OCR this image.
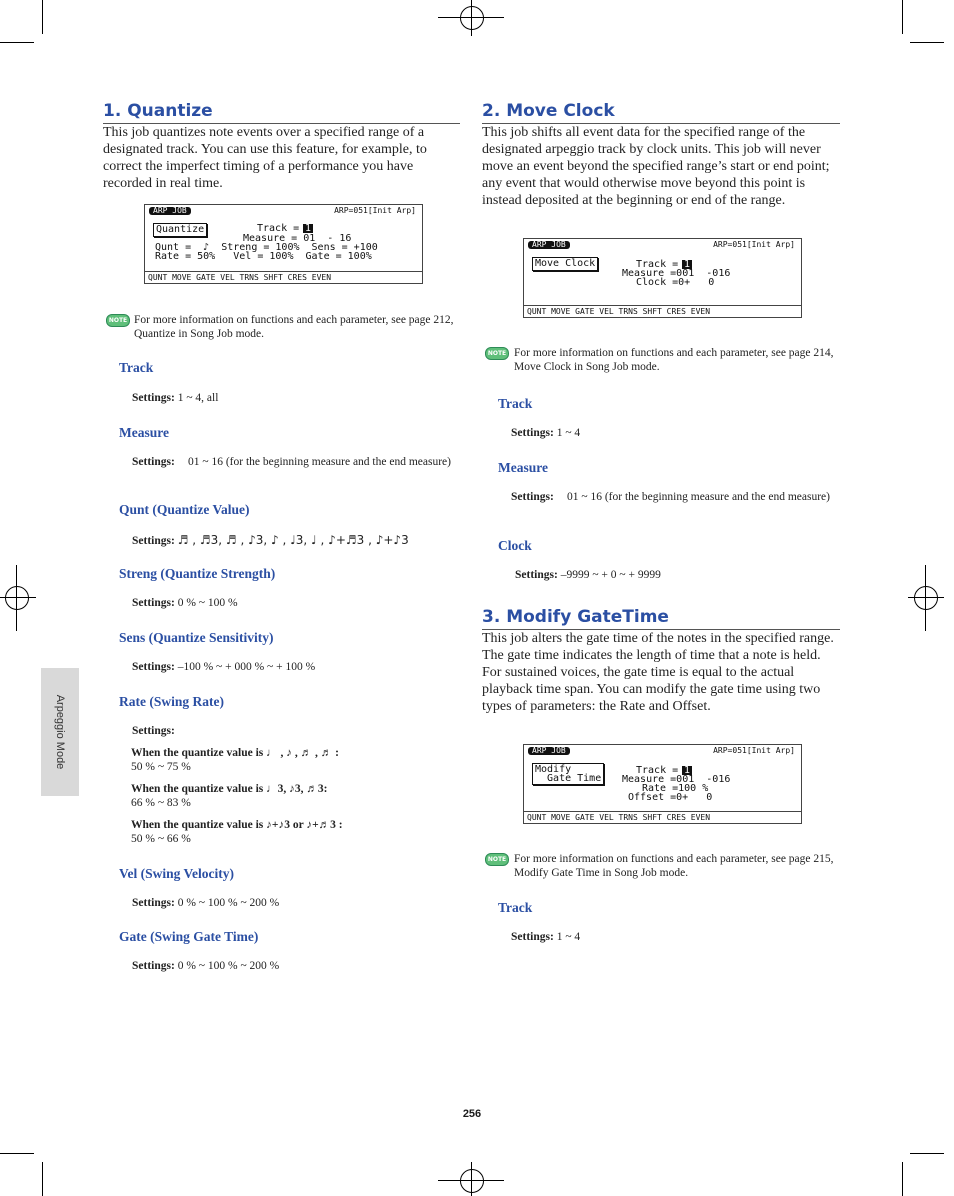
Arpeggio Mode
1. Quantize

This job quantizes note events over a specified range of a designated track. You can use this feature, for example, to correct the imperfect timing of a performance you have recorded in real time.

ARP JOB	ARP=051[Init Arp]
Quantize	Track = 1
Measure = 01  - 16
Qunt =  ♪  Streng = 100%  Sens = +100
Rate = 50%   Vel = 100%  Gate = 100%
QUNT MOVE GATE VEL TRNS SHFT CRES EVEN
NOTE For more information on functions and each parameter, see page 212, Quantize in Song Job mode.
Track
Settings: 1 ~ 4, all
Measure
Settings:	01 ~ 16 (for the beginning measure and the end measure)
Qunt (Quantize Value)
Settings: ♬ , ♬3, ♬ , ♪3, ♪ , ♩3, ♩ , ♪+♬3 , ♪+♪3
Streng (Quantize Strength)
Settings: 0 % ~ 100 %
Sens (Quantize Sensitivity)
Settings: –100 % ~ + 000 % ~ + 100 %
Rate (Swing Rate)
Settings:
When the quantize value is ♩ , ♪ , ♬ , ♬ :
50 % ~ 75 %
When the quantize value is ♩3, ♪3, ♬3:
66 % ~ 83 %
When the quantize value is ♪+♪3 or ♪+♬3 :
50 % ~ 66 %
Vel (Swing Velocity)
Settings: 0 % ~ 100 % ~ 200 %
Gate (Swing Gate Time)
Settings: 0 % ~ 100 % ~ 200 %
2. Move Clock

This job shifts all event data for the specified range of the designated arpeggio track by clock units. This job will never move an event beyond the specified range’s start or end point; any event that would otherwise move beyond this point is instead deposited at the beginning or end of the range.

ARP JOB	ARP=051[Init Arp]
Move Clock	Track = 1
Measure =001  -016
Clock =0+   0
QUNT MOVE GATE VEL TRNS SHFT CRES EVEN
NOTE For more information on functions and each parameter, see page 214, Move Clock in Song Job mode.
Track
Settings: 1 ~ 4
Measure
Settings:	01 ~ 16 (for the beginning measure and the end measure)
Clock
Settings: –9999 ~ + 0 ~ + 9999
3. Modify GateTime

This job alters the gate time of the notes in the specified range. The gate time indicates the length of time that a note is held. For sustained voices, the gate time is equal to the actual playback time span. You can modify the gate time using two types of parameters: the Rate and Offset.

ARP JOB	ARP=051[Init Arp]
Modify
Gate Time
Track = 1
Measure =001  -016
Rate =100 %
Offset =0+   0
QUNT MOVE GATE VEL TRNS SHFT CRES EVEN
NOTE For more information on functions and each parameter, see page 215, Modify Gate Time in Song Job mode.
Track
Settings: 1 ~ 4
256
